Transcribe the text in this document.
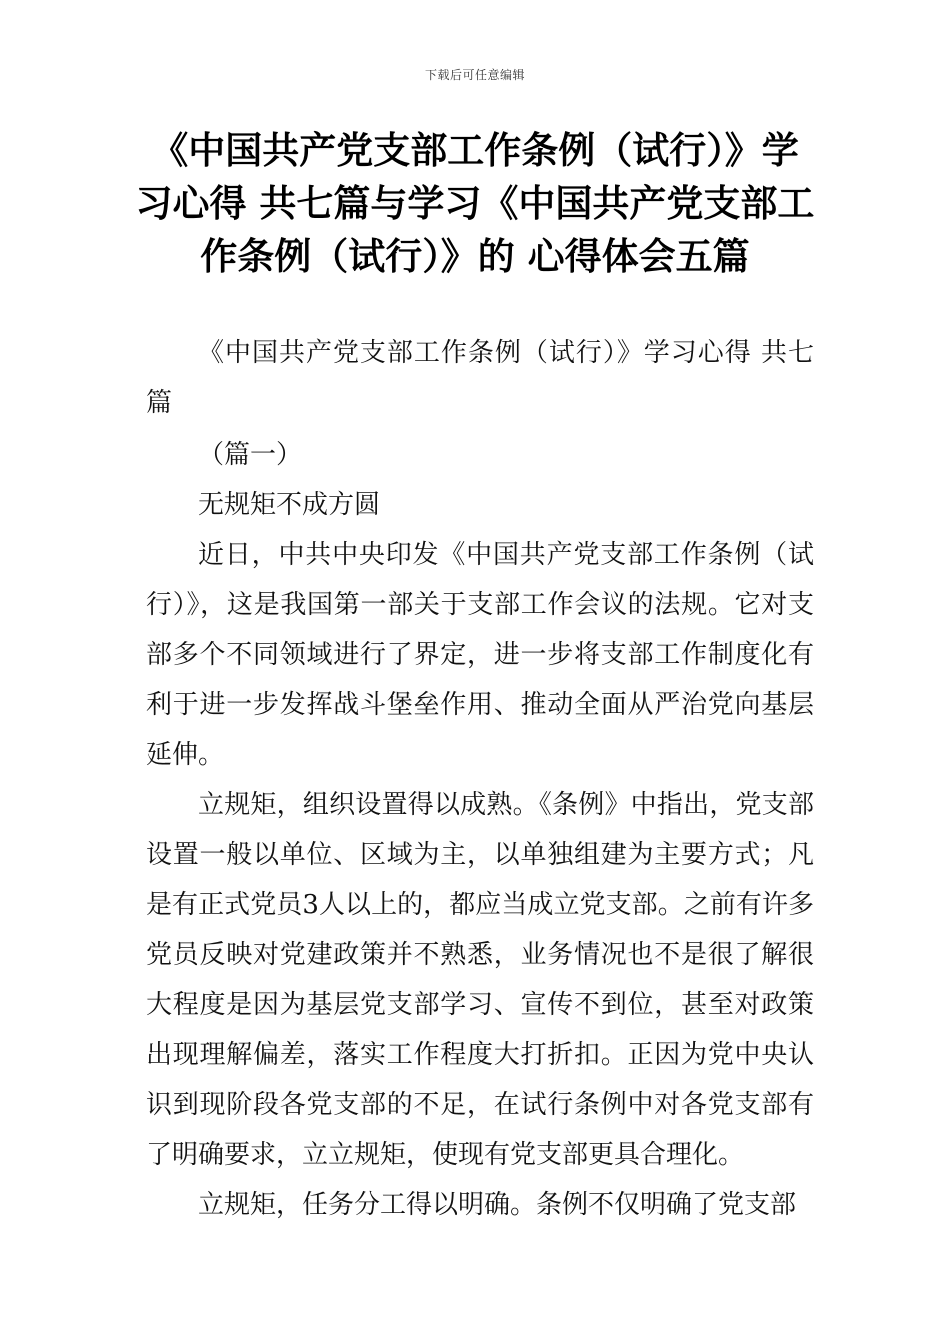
下载后可任意编辑
《中国共产党支部工作条例（试行）》学
习心得 共七篇与学习《中国共产党支部工
作条例（试行）》的 心得体会五篇

《中国共产党支部工作条例（试行）》学习心得 共七篇

（篇一）

无规矩不成方圆

近日，中共中央印发《中国共产党支部工作条例（试行）》，这是我国第一部关于支部工作会议的法规。它对支部多个不同领域进行了界定，进一步将支部工作制度化有利于进一步发挥战斗堡垒作用、推动全面从严治党向基层延伸。

立规矩，组织设置得以成熟。《条例》中指出，党支部设置一般以单位、区域为主，以单独组建为主要方式；凡是有正式党员3人以上的，都应当成立党支部。之前有许多党员反映对党建政策并不熟悉，业务情况也不是很了解很大程度是因为基层党支部学习、宣传不到位，甚至对政策出现理解偏差，落实工作程度大打折扣。正因为党中央认识到现阶段各党支部的不足，在试行条例中对各党支部有了明确要求，立立规矩，使现有党支部更具合理化。

立规矩，任务分工得以明确。条例不仅明确了党支部
